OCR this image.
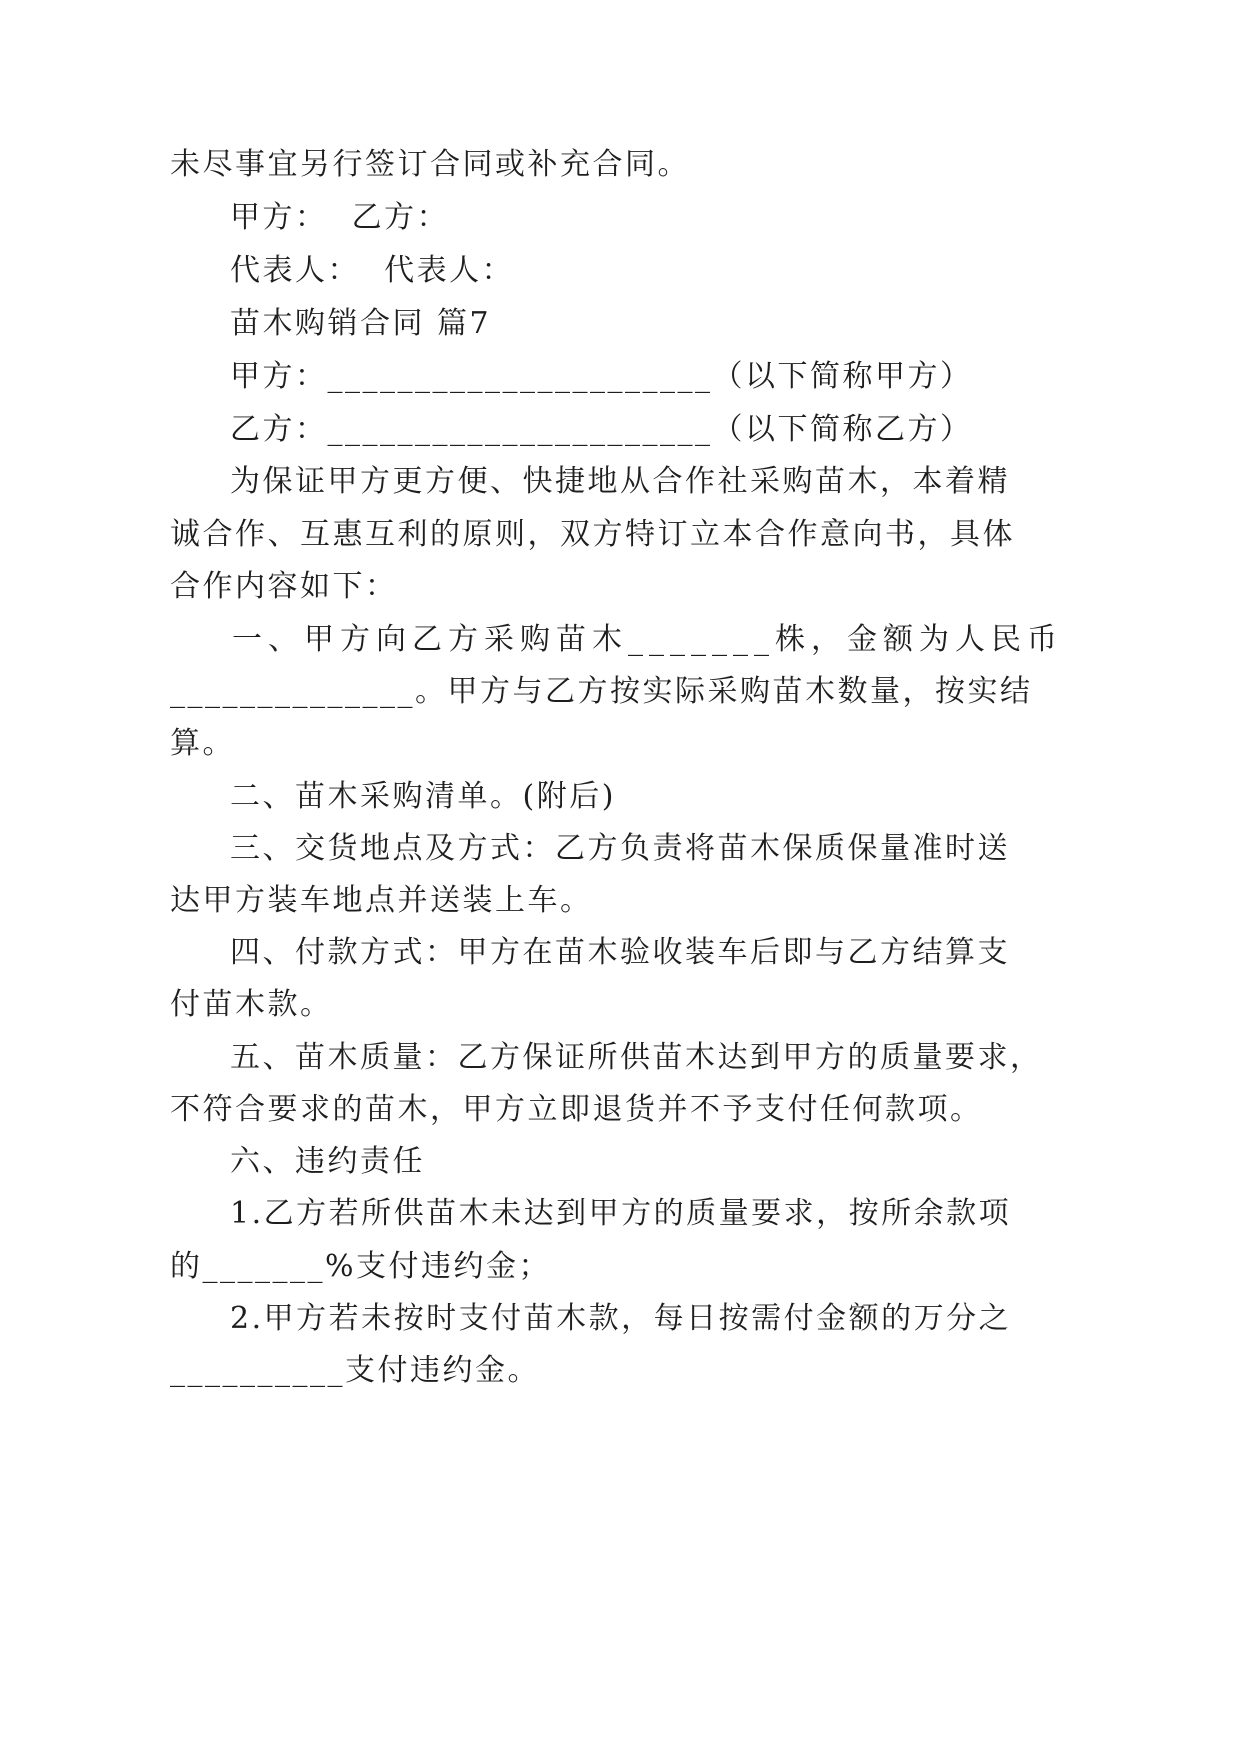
未尽事宜另行签订合同或补充合同。

甲方：  乙方：

代表人：  代表人：

苗木购销合同 篇7

甲方：______________________（以下简称甲方）

乙方：______________________（以下简称乙方）

为保证甲方更方便、快捷地从合作社采购苗木，本着精

诚合作、互惠互利的原则，双方特订立本合作意向书，具体

合作内容如下：

一、甲方向乙方采购苗木_______株，金额为人民币

______________。甲方与乙方按实际采购苗木数量，按实结

算。

二、苗木采购清单。(附后)

三、交货地点及方式：乙方负责将苗木保质保量准时送

达甲方装车地点并送装上车。

四、付款方式：甲方在苗木验收装车后即与乙方结算支

付苗木款。

五、苗木质量：乙方保证所供苗木达到甲方的质量要求，

不符合要求的苗木，甲方立即退货并不予支付任何款项。

六、违约责任

1.乙方若所供苗木未达到甲方的质量要求，按所余款项

的_______%支付违约金；

2.甲方若未按时支付苗木款，每日按需付金额的万分之

__________支付违约金。
